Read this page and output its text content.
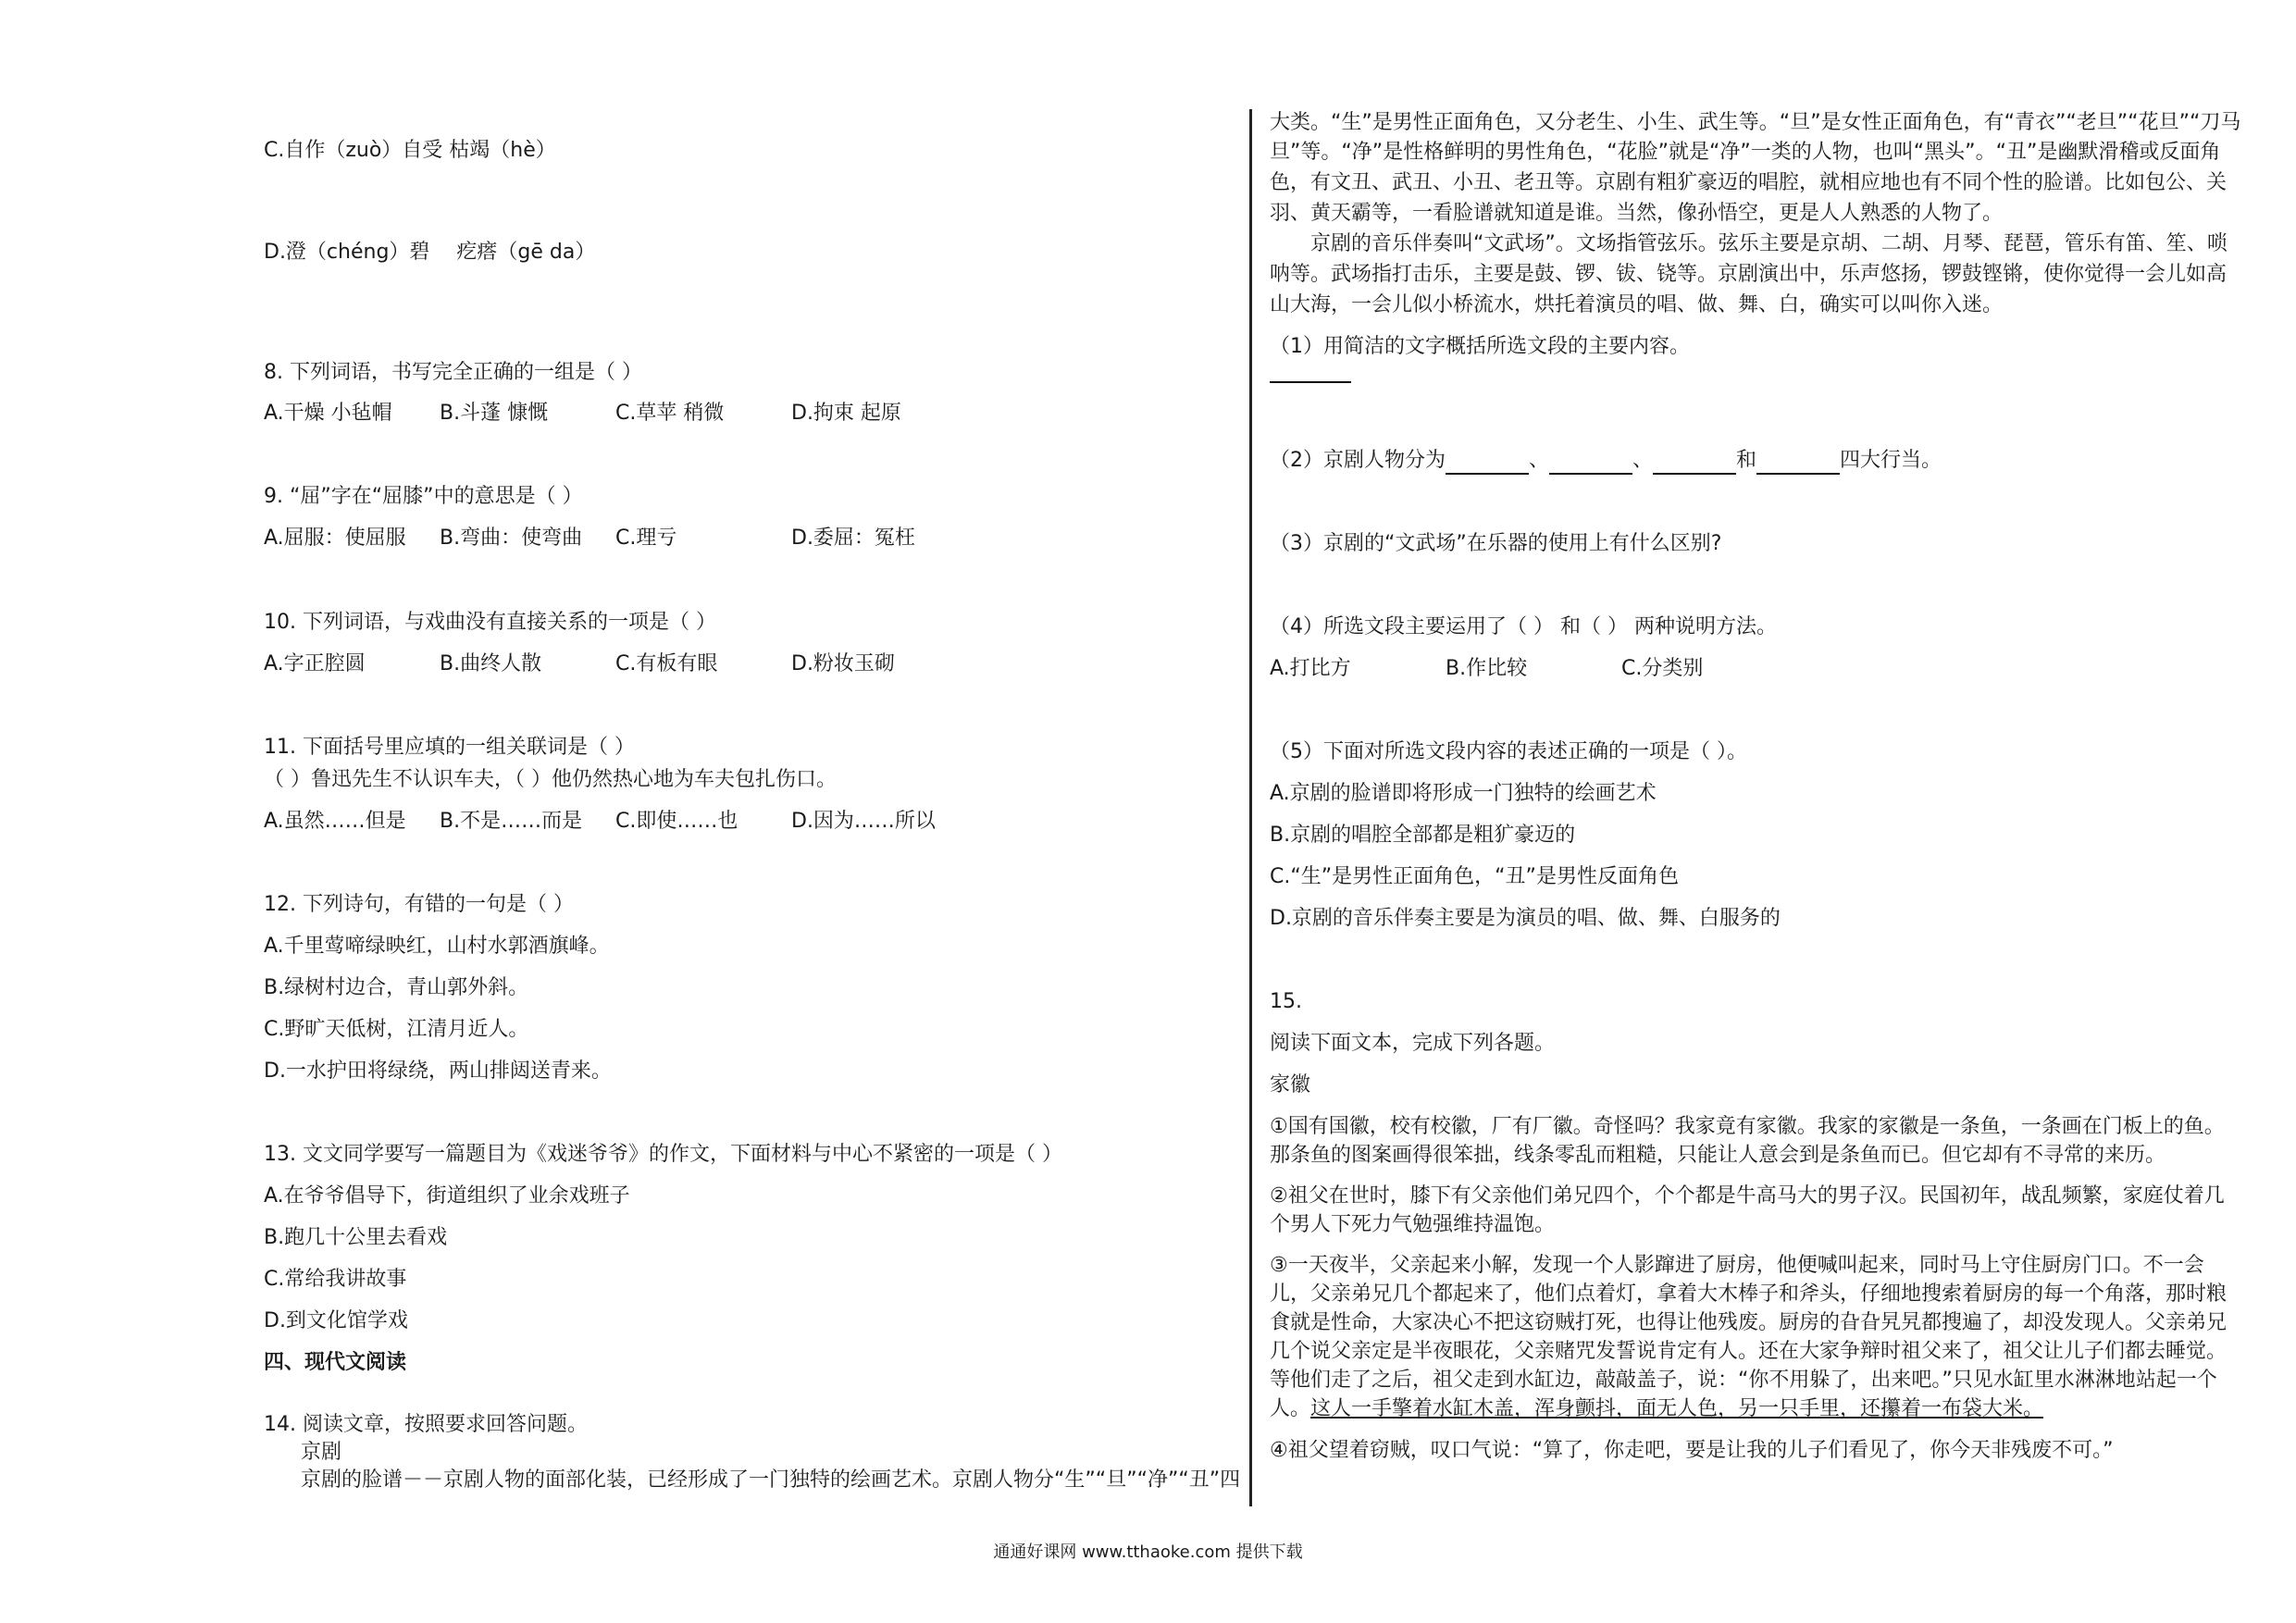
C.自作（zuò）自受 枯竭（hè）
D.澄（chéng）碧 　疙瘩（gē da）
8. 下列词语，书写完全正确的一组是（ ）
A.干燥 小毡帽 B.斗蓬 慷慨	C.草苹 稍微	D.拘束 起原
9. “屈”字在“屈膝”中的意思是（ ）
A.屈服：使屈服 B.弯曲：使弯曲 C.理亏	D.委屈：冤枉
10. 下列词语，与戏曲没有直接关系的一项是（ ）
A.字正腔圆	B.曲终人散	C.有板有眼	D.粉妆玉砌
11. 下面括号里应填的一组关联词是（ ）
（ ）鲁迅先生不认识车夫，（ ）他仍然热心地为车夫包扎伤口。
A.虽然……但是 B.不是……而是 C.即使……也	D.因为……所以
12. 下列诗句，有错的一句是（ ）
A.千里莺啼绿映红，山村水郭酒旗峰。
B.绿树村边合，青山郭外斜。
C.野旷天低树，江清月近人。
D.一水护田将绿绕，两山排闼送青来。
13. 文文同学要写一篇题目为《戏迷爷爷》的作文，下面材料与中心不紧密的一项是（ ）
A.在爷爷倡导下，街道组织了业余戏班子
B.跑几十公里去看戏
C.常给我讲故事
D.到文化馆学戏
四、现代文阅读
14. 阅读文章，按照要求回答问题。
京剧
京剧的脸谱－－京剧人物的面部化装，已经形成了一门独特的绘画艺术。京剧人物分“生”“旦”“净”“丑”四
大类。“生”是男性正面角色，又分老生、小生、武生等。“旦”是女性正面角色，有“青衣”“老旦”“花旦”“刀马
旦”等。“净”是性格鲜明的男性角色，“花脸”就是“净”一类的人物，也叫“黑头”。“丑”是幽默滑稽或反面角
色，有文丑、武丑、小丑、老丑等。京剧有粗犷豪迈的唱腔，就相应地也有不同个性的脸谱。比如包公、关
羽、黄天霸等，一看脸谱就知道是谁。当然，像孙悟空，更是人人熟悉的人物了。
　　京剧的音乐伴奏叫“文武场”。文场指管弦乐。弦乐主要是京胡、二胡、月琴、琵琶，管乐有笛、笙、唢
呐等。武场指打击乐，主要是鼓、锣、钹、铙等。京剧演出中，乐声悠扬，锣鼓铿锵，使你觉得一会儿如高
山大海，一会儿似小桥流水，烘托着演员的唱、做、舞、白，确实可以叫你入迷。
（1）用简洁的文字概括所选文段的主要内容。
（2）京剧人物分为	、	、	和	四大行当。
（3）京剧的“文武场”在乐器的使用上有什么区别?
（4）所选文段主要运用了（ ） 和（ ） 两种说明方法。
A.打比方	B.作比较	C.分类别
（5）下面对所选文段内容的表述正确的一项是（ ）。
A.京剧的脸谱即将形成一门独特的绘画艺术
B.京剧的唱腔全部都是粗犷豪迈的
C.“生”是男性正面角色，“丑”是男性反面角色
D.京剧的音乐伴奏主要是为演员的唱、做、舞、白服务的
15.
阅读下面文本，完成下列各题。
家徽
①国有国徽，校有校徽，厂有厂徽。奇怪吗？我家竟有家徽。我家的家徽是一条鱼，一条画在门板上的鱼。
那条鱼的图案画得很笨拙，线条零乱而粗糙，只能让人意会到是条鱼而已。但它却有不寻常的来历。
②祖父在世时，膝下有父亲他们弟兄四个，个个都是牛高马大的男子汉。民国初年，战乱频繁，家庭仗着几
个男人下死力气勉强维持温饱。
③一天夜半，父亲起来小解，发现一个人影蹿进了厨房，他便喊叫起来，同时马上守住厨房门口。不一会
儿，父亲弟兄几个都起来了，他们点着灯，拿着大木棒子和斧头，仔细地搜索着厨房的每一个角落，那时粮
食就是性命，大家决心不把这窃贼打死，也得让他残废。厨房的旮旮旯旯都搜遍了，却没发现人。父亲弟兄
几个说父亲定是半夜眼花，父亲赌咒发誓说肯定有人。还在大家争辩时祖父来了，祖父让儿子们都去睡觉。
等他们走了之后，祖父走到水缸边，敲敲盖子，说：“你不用躲了，出来吧。”只见水缸里水淋淋地站起一个
人。这人一手擎着水缸木盖，浑身颤抖，面无人色，另一只手里，还攥着一布袋大米。
④祖父望着窃贼，叹口气说：“算了，你走吧，要是让我的儿子们看见了，你今天非残废不可。”
通通好课网 www.tthaoke.com 提供下载
